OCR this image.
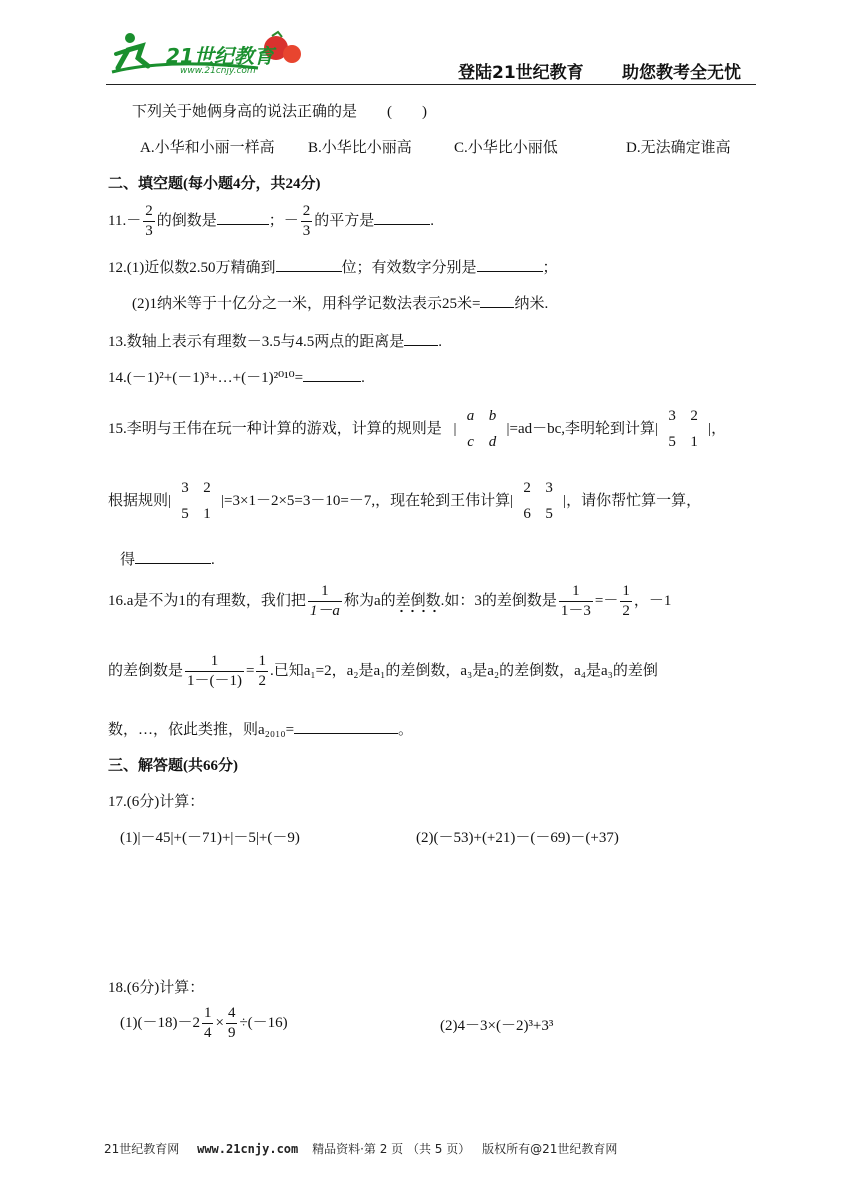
21世纪教育
www.21cnjy.com	登陆21世纪教育 助您教考全无忧
下列关于她俩身高的说法正确的是　　(　　)
A.小华和小丽一样高 B.小华比小丽高	C.小华比小丽低	D.无法确定谁高
二、填空题(每小题4分，共24分)
$11.- \frac{2}{3}$ 的倒数是	；－ $\frac{2}{3}$ 的平方是	.
12.(1)近似数2.50万精确到	位；有效数字分别是	；
(2)1纳米等于十亿分之一米，用科学记数法表示25米= 纳米.
13.数轴上表示有理数－3.5与4.5两点的距离是 .
14.(－1)²+(－1)³+…+(－1)²⁰¹⁰=	.
15.李明与王伟在玩一种计算的游戏，计算的规则是 |
a b
c d
|=ad－bc,李明轮到计算|
3 2
5 1
|，
根据规则|
3 2
5 1
|=3×1－2×5=3－10=－7,，现在轮到王伟计算|
2 3
6 5
|，请你帮忙算一算，
得	.
16.a是不为1的有理数，我们把 $\frac{1}{1-a}$ 称为a的差倒数.如：3的差倒数是 $\frac{1}{1-3} =- \frac{1}{2}$ ，－1
的差倒数是 $\frac{1}{1-(-1)} = \frac{1}{2}$ .已知a₁=2，a₂是a₁的差倒数，a₃是a₂的差倒数，a₄是a₃的差倒
数，…，依此类推，则a₂₀₁₀=	。
三、解答题(共66分)
17.(6分)计算：
(1)|－45|+(－71)+|－5|+(－9)	(2)(－53)+(+21)－(－69)－(+37)
18.(6分)计算：
$(1)(-18)-2 \frac{1}{4} \times \frac{4}{9} \div(-16)$	(2)4－3×(－2)³+3³
21世纪教育网 www.21cnjy.com 精品资料·第 2 页 （共 5 页） 版权所有@21世纪教育网
